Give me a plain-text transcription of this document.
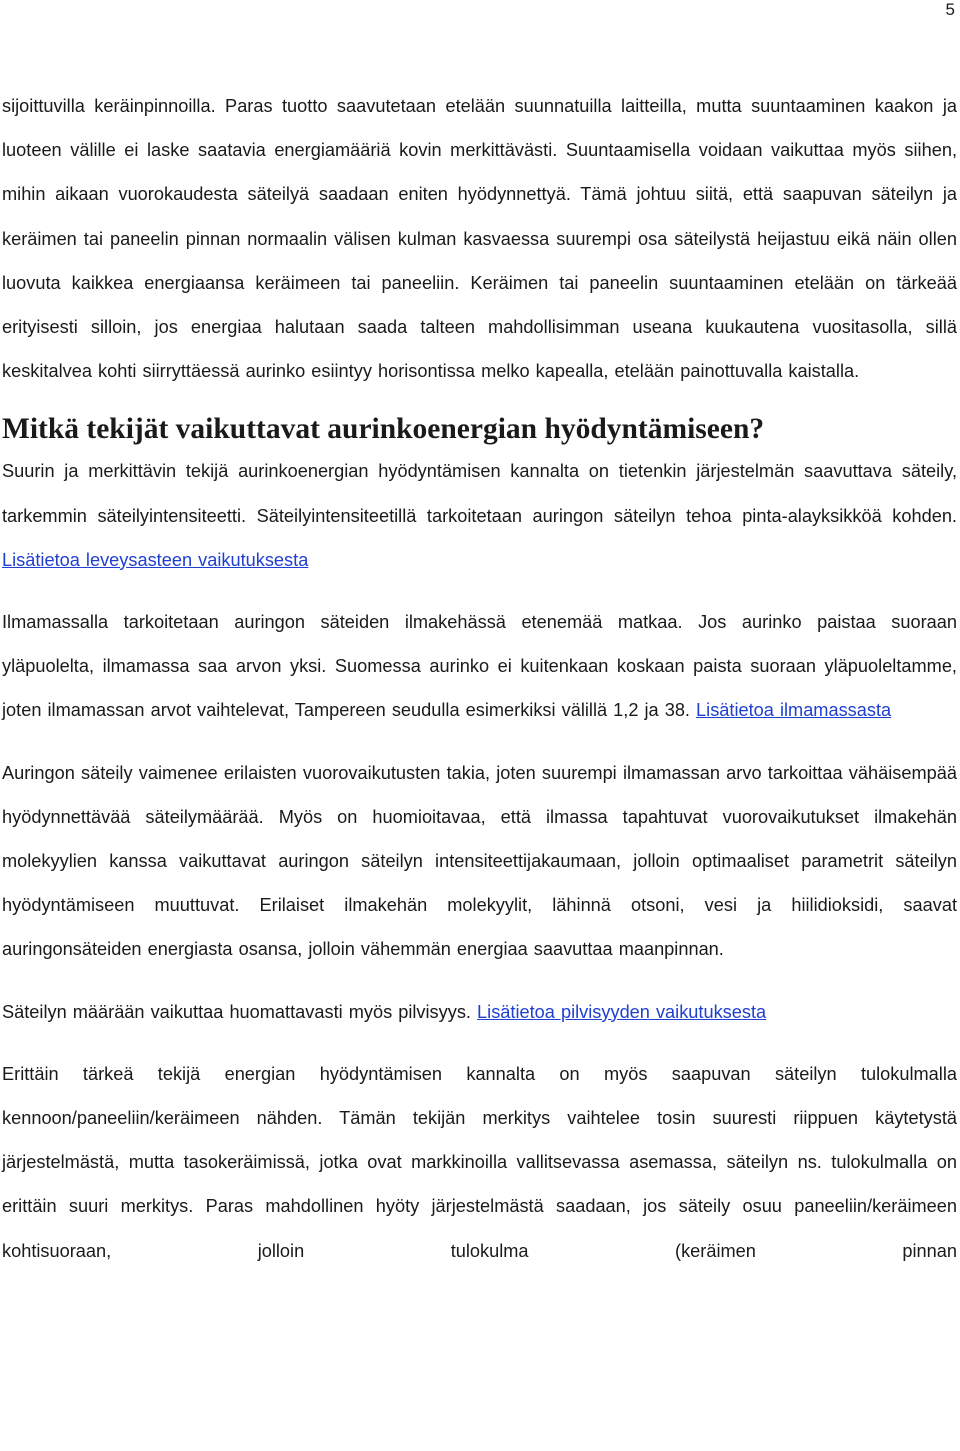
5

sijoittuvilla keräinpinnoilla. Paras tuotto saavutetaan etelään suunnatuilla laitteilla, mutta suuntaaminen kaakon ja luoteen välille ei laske saatavia energiamääriä kovin merkittävästi. Suuntaamisella voidaan vaikuttaa myös siihen, mihin aikaan vuorokaudesta säteilyä saadaan eniten hyödynnettyä. Tämä johtuu siitä, että saapuvan säteilyn ja keräimen tai paneelin pinnan normaalin välisen kulman kasvaessa suurempi osa säteilystä heijastuu eikä näin ollen luovuta kaikkea energiaansa keräimeen tai paneeliin. Keräimen tai paneelin suuntaaminen etelään on tärkeää erityisesti silloin, jos energiaa halutaan saada talteen mahdollisimman useana kuukautena vuositasolla, sillä keskitalvea kohti siirryttäessä aurinko esiintyy horisontissa melko kapealla, etelään painottuvalla kaistalla.

Mitkä tekijät vaikuttavat aurinkoenergian hyödyntämiseen?

Suurin ja merkittävin tekijä aurinkoenergian hyödyntämisen kannalta on tietenkin järjestelmän saavuttava säteily, tarkemmin säteilyintensiteetti. Säteilyintensiteetillä tarkoitetaan auringon säteilyn tehoa pinta-alayksikköä kohden. Lisätietoa leveysasteen vaikutuksesta

Ilmamassalla tarkoitetaan auringon säteiden ilmakehässä etenemää matkaa. Jos aurinko paistaa suoraan yläpuolelta, ilmamassa saa arvon yksi. Suomessa aurinko ei kuitenkaan koskaan paista suoraan yläpuoleltamme, joten ilmamassan arvot vaihtelevat, Tampereen seudulla esimerkiksi välillä 1,2 ja 38. Lisätietoa ilmamassasta

Auringon säteily vaimenee erilaisten vuorovaikutusten takia, joten suurempi ilmamassan arvo tarkoittaa vähäisempää hyödynnettävää säteilymäärää. Myös on huomioitavaa, että ilmassa tapahtuvat vuorovaikutukset ilmakehän molekyylien kanssa vaikuttavat auringon säteilyn intensiteettijakaumaan, jolloin optimaaliset parametrit säteilyn hyödyntämiseen muuttuvat. Erilaiset ilmakehän molekyylit, lähinnä otsoni, vesi ja hiilidioksidi, saavat auringonsäteiden energiasta osansa, jolloin vähemmän energiaa saavuttaa maanpinnan.

Säteilyn määrään vaikuttaa huomattavasti myös pilvisyys. Lisätietoa pilvisyyden vaikutuksesta

Erittäin tärkeä tekijä energian hyödyntämisen kannalta on myös saapuvan säteilyn tulokulmalla kennoon/paneeliin/keräimeen nähden. Tämän tekijän merkitys vaihtelee tosin suuresti riippuen käytetystä järjestelmästä, mutta tasokeräimissä, jotka ovat markkinoilla vallitsevassa asemassa, säteilyn ns. tulokulmalla on erittäin suuri merkitys. Paras mahdollinen hyöty järjestelmästä saadaan, jos säteily osuu paneeliin/keräimeen kohtisuoraan, jolloin tulokulma (keräimen pinnan
